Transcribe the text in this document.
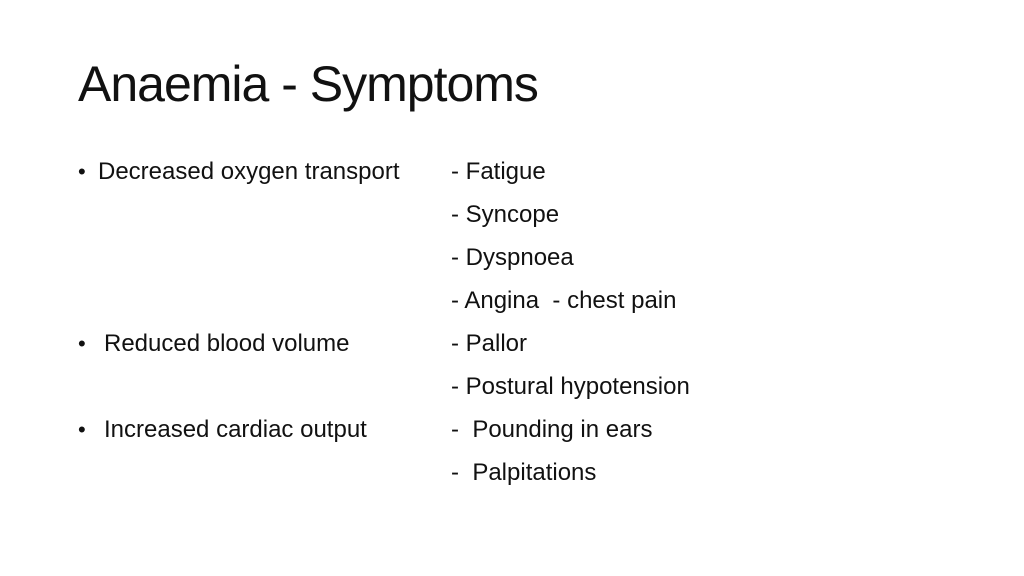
Anaemia - Symptoms
• Decreased oxygen transport - Fatigue
- Syncope
- Dyspnoea
- Angina  - chest pain
• Reduced blood volume	- Pallor
- Postural hypotension
• Increased cardiac output	-  Pounding in ears
-  Palpitations
